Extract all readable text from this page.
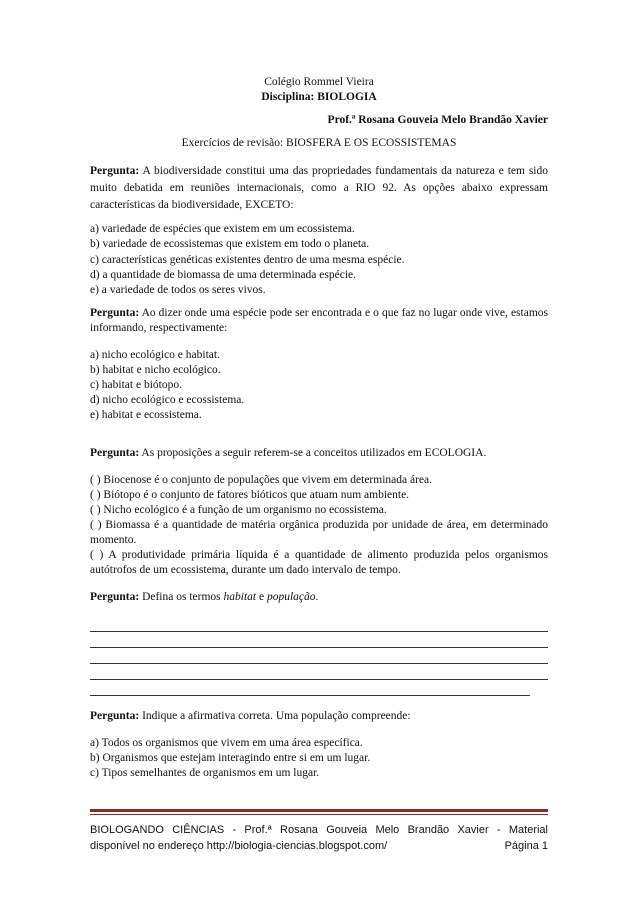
Colégio Rommel Vieira

Disciplina: BIOLOGIA

Prof.ª Rosana Gouveia Melo Brandão Xavier

Exercícios de revisão: BIOSFERA E OS ECOSSISTEMAS

Pergunta: A biodiversidade constitui uma das propriedades fundamentais da natureza e tem sido muito debatida em reuniões internacionais, como a RIO 92. As opções abaixo expressam características da biodiversidade, EXCETO:

a) variedade de espécies que existem em um ecossistema.

b) variedade de ecossistemas que existem em todo o planeta.

c) características genéticas existentes dentro de uma mesma espécie.

d) a quantidade de biomassa de uma determinada espécie.

e) a variedade de todos os seres vivos.

Pergunta: Ao dizer onde uma espécie pode ser encontrada e o que faz no lugar onde vive, estamos informando, respectivamente:

a) nicho ecológico e habitat.

b) habitat e nicho ecológico.

c) habitat e biótopo.

d) nicho ecológico e ecossistema.

e) habitat e ecossistema.

Pergunta: As proposições a seguir referem-se a conceitos utilizados em ECOLOGIA.

( ) Biocenose é o conjunto de populações que vivem em determinada área.

( ) Biótopo é o conjunto de fatores bióticos que atuam num ambiente.

( ) Nicho ecológico é a função de um organismo no ecossistema.

( ) Biomassa é a quantidade de matéria orgânica produzida por unidade de área, em determinado momento.

( ) A produtividade primária líquida é a quantidade de alimento produzida pelos organismos autótrofos de um ecossistema, durante um dado intervalo de tempo.

Pergunta: Defina os termos habitat e população.

Pergunta: Indique a afirmativa correta. Uma população compreende:

a) Todos os organismos que vivem em uma área específica.

b) Organismos que estejam interagindo entre si em um lugar.

c) Tipos semelhantes de organismos em um lugar.

BIOLOGANDO CIÊNCIAS - Prof.ª Rosana Gouveia Melo Brandão Xavier - Material
disponível no endereço http://biologia-ciencias.blogspot.com/	Página 1
